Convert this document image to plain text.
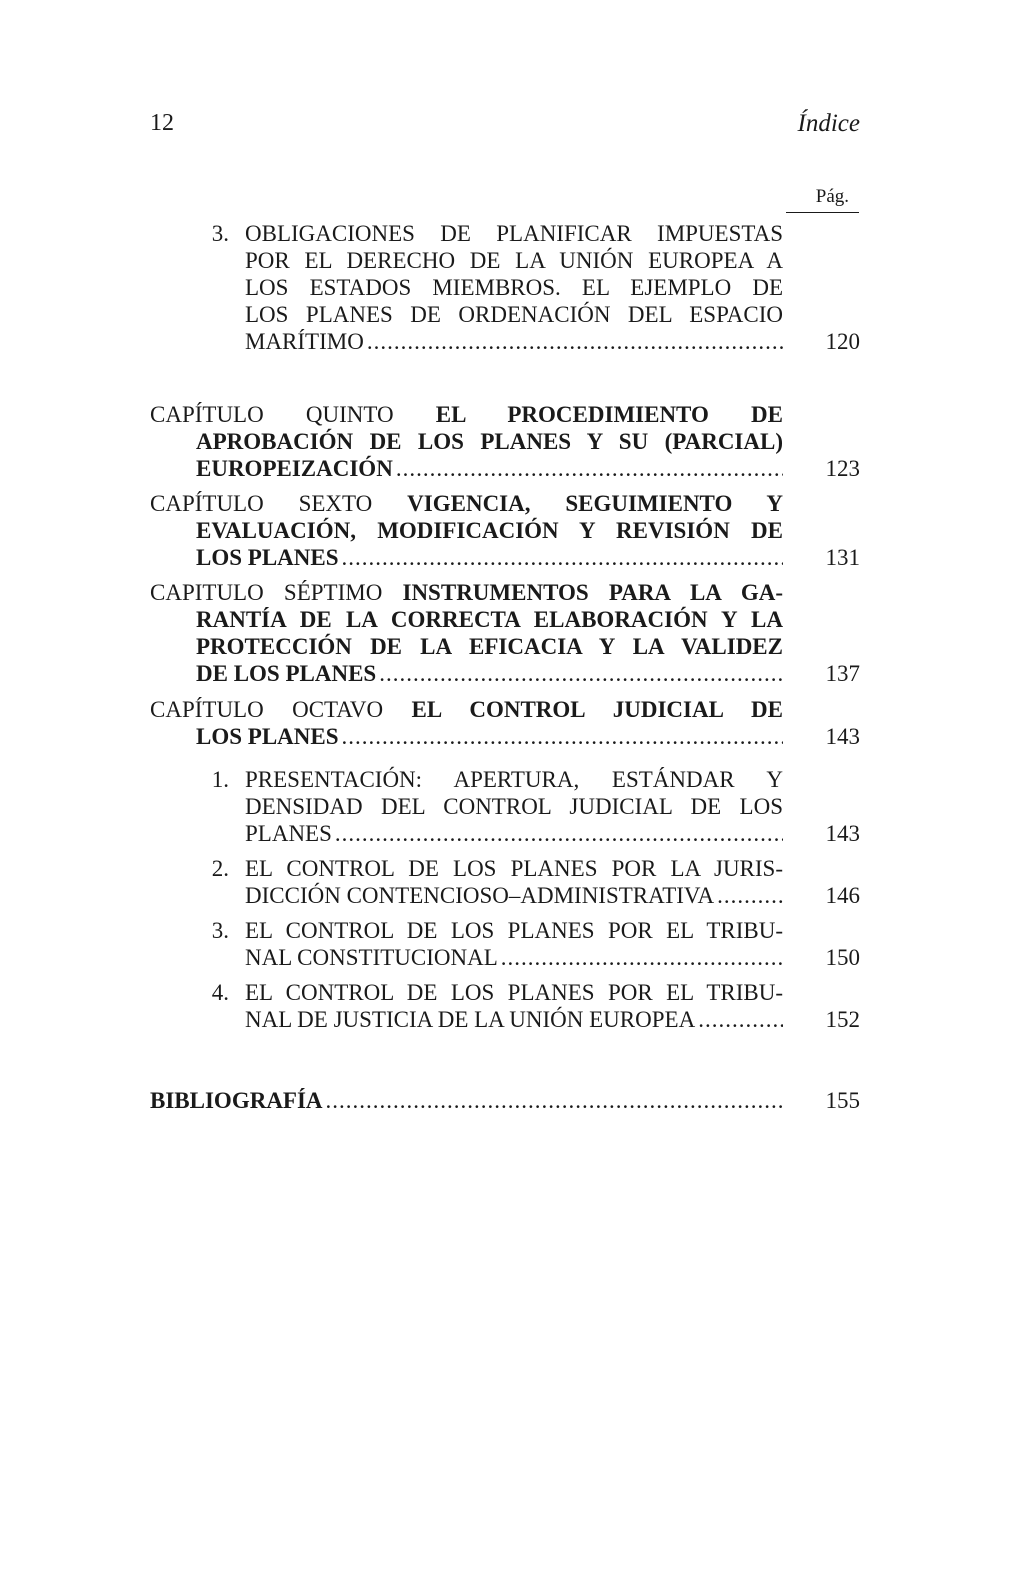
12	Índice
Pág.
3. OBLIGACIONES DE PLANIFICAR IMPUESTAS
POR EL DERECHO DE LA UNIÓN EUROPEA A
LOS ESTADOS MIEMBROS. EL EJEMPLO DE
LOS PLANES DE ORDENACIÓN DEL ESPACIO
MARÍTIMO .....	120
CAPÍTULO QUINTO EL PROCEDIMIENTO DE
APROBACIÓN DE LOS PLANES Y SU (PARCIAL)
EUROPEIZACIÓN .....	123
CAPÍTULO SEXTO VIGENCIA, SEGUIMIENTO Y
EVALUACIÓN, MODIFICACIÓN Y REVISIÓN DE
LOS PLANES .....	131
CAPITULO SÉPTIMO INSTRUMENTOS PARA LA GA-
RANTÍA DE LA CORRECTA ELABORACIÓN Y LA
PROTECCIÓN DE LA EFICACIA Y LA VALIDEZ
DE LOS PLANES .....	137
CAPÍTULO OCTAVO EL CONTROL JUDICIAL DE
LOS PLANES .....	143
1. PRESENTACIÓN: APERTURA, ESTÁNDAR Y
DENSIDAD DEL CONTROL JUDICIAL DE LOS
PLANES .....	143
2. EL CONTROL DE LOS PLANES POR LA JURIS-
DICCIÓN CONTENCIOSO–ADMINISTRATIVA .....	146
3. EL CONTROL DE LOS PLANES POR EL TRIBU-
NAL CONSTITUCIONAL .....	150
4. EL CONTROL DE LOS PLANES POR EL TRIBU-
NAL DE JUSTICIA DE LA UNIÓN EUROPEA .....	152
BIBLIOGRAFÍA .....	155
